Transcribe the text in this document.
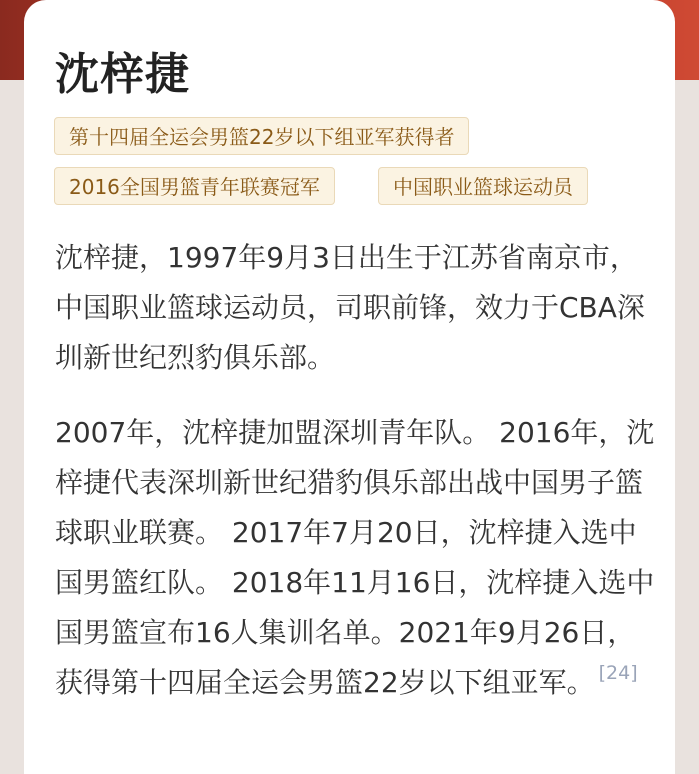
沈梓捷
第十四届全运会男篮22岁以下组亚军获得者
2016全国男篮青年联赛冠军	中国职业篮球运动员

沈梓捷，1997年9月3日出生于江苏省南京市，中国职业篮球运动员，司职前锋，效力于CBA深圳新世纪烈豹俱乐部。

2007年，沈梓捷加盟深圳青年队。 2016年，沈梓捷代表深圳新世纪猎豹俱乐部出战中国男子篮球职业联赛。 2017年7月20日，沈梓捷入选中国男篮红队。 2018年11月16日，沈梓捷入选中国男篮宣布16人集训名单。2021年9月26日，获得第十四届全运会男篮22岁以下组亚军。 [24]
